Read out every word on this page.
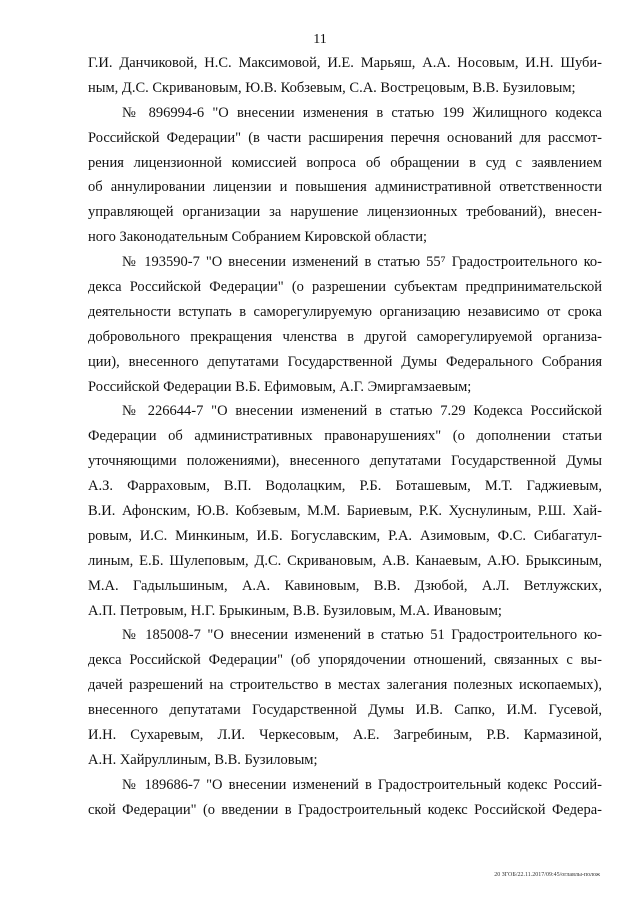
11
Г.И. Данчиковой, Н.С. Максимовой, И.Е. Марьяш, А.А. Носовым, И.Н. Шуби-
ным, Д.С. Скривановым, Ю.В. Кобзевым, С.А. Вострецовым, В.В. Бузиловым;
№ 896994-6 "О внесении изменения в статью 199 Жилищного кодекса
Российской Федерации" (в части расширения перечня оснований для рассмот-
рения лицензионной комиссией вопроса об обращении в суд с заявлением
об аннулировании лицензии и повышения административной ответственности
управляющей организации за нарушение лицензионных требований), внесен-
ного Законодательным Собранием Кировской области;
№ 193590-7 "О внесении изменений в статью 55⁷ Градостроительного ко-
декса Российской Федерации" (о разрешении субъектам предпринимательской
деятельности вступать в саморегулируемую организацию независимо от срока
добровольного прекращения членства в другой саморегулируемой организа-
ции), внесенного депутатами Государственной Думы Федерального Собрания
Российской Федерации В.Б. Ефимовым, А.Г. Эмиргамзаевым;
№ 226644-7 "О внесении изменений в статью 7.29 Кодекса Российской
Федерации об административных правонарушениях" (о дополнении статьи
уточняющими положениями), внесенного депутатами Государственной Думы
А.З. Фаррахoвым, В.П. Водолацким, Р.Б. Боташевым, М.Т. Гаджиевым,
В.И. Афонским, Ю.В. Кобзевым, М.М. Бариевым, Р.К. Хуснулиным, Р.Ш. Хай-
ровым, И.С. Минкиным, И.Б. Богуславским, Р.А. Азимовым, Ф.С. Сибагатул-
линым, Е.Б. Шулеповым, Д.С. Скривановым, А.В. Канаевым, А.Ю. Брыксиным,
М.А. Гадыльшиным, А.А. Кавиновым, В.В. Дзюбой, А.Л. Ветлужских,
А.П. Петровым, Н.Г. Брыкиным, В.В. Бузиловым, М.А. Ивановым;
№ 185008-7 "О внесении изменений в статью 51 Градостроительного ко-
декса Российской Федерации" (об упорядочении отношений, связанных с вы-
дачей разрешений на строительство в местах залегания полезных ископаемых),
внесенного депутатами Государственной Думы И.В. Сапко, И.М. Гусевой,
И.Н. Сухаревым, Л.И. Черкесовым, А.Е. Загребиным, Р.В. Кармазиной,
А.Н. Хайруллиным, В.В. Бузиловым;
№ 189686-7 "О внесении изменений в Градостроительный кодекс Россий-
ской Федерации" (о введении в Градостроительный кодекс Российской Федера-
20 ЗГОБ/22.11.2017/09:45/оглавлы-полож
